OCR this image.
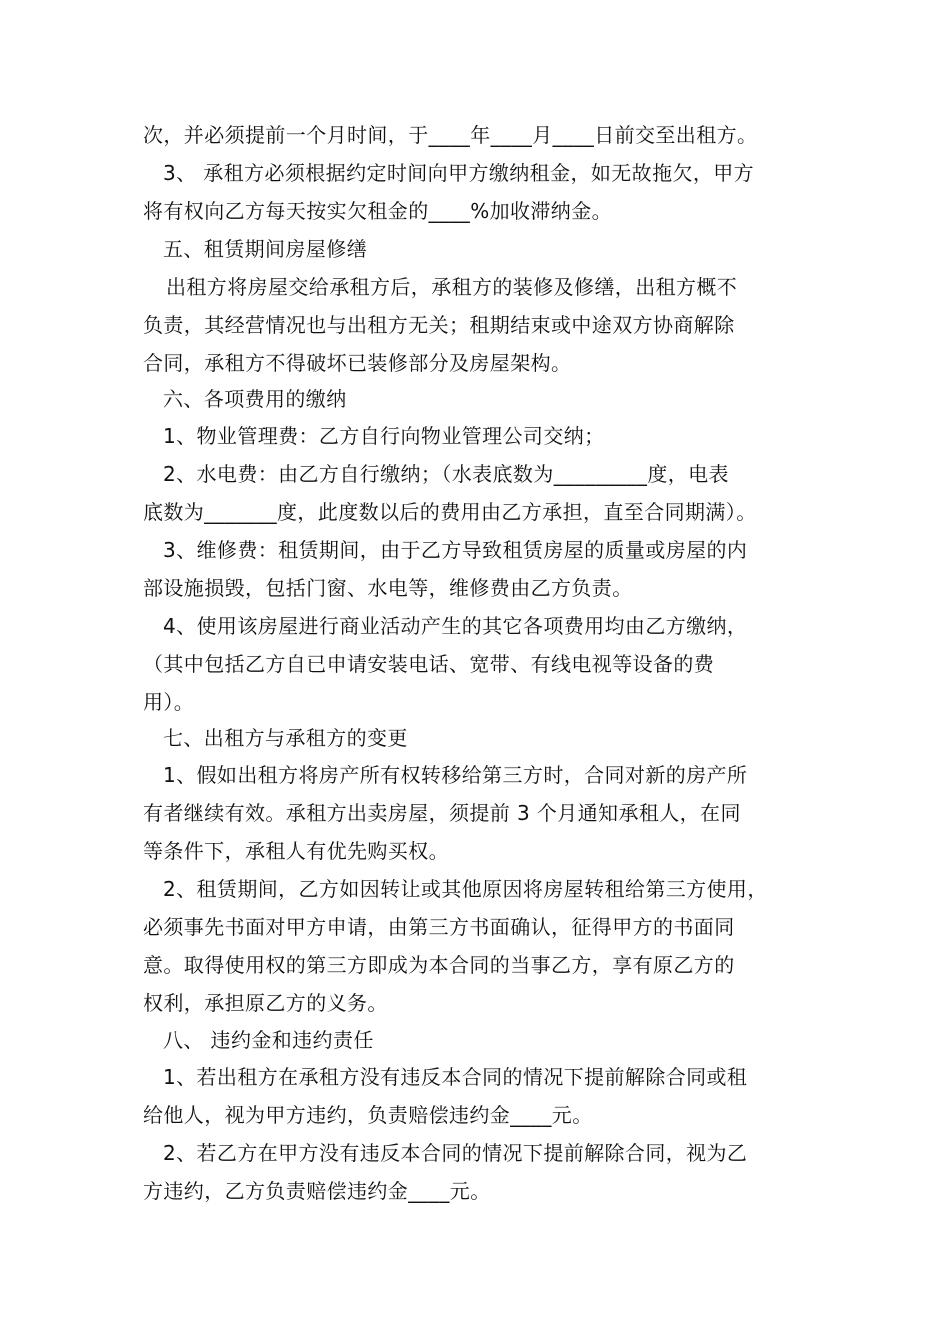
次，并必须提前一个月时间，于____年____月____日前交至出租方。
3、 承租方必须根据约定时间向甲方缴纳租金，如无故拖欠，甲方
将有权向乙方每天按实欠租金的____%加收滞纳金。
五、租赁期间房屋修缮
出租方将房屋交给承租方后，承租方的装修及修缮，出租方概不
负责，其经营情况也与出租方无关；租期结束或中途双方协商解除
合同，承租方不得破坏已装修部分及房屋架构。
六、各项费用的缴纳
1、物业管理费：乙方自行向物业管理公司交纳；
2、水电费：由乙方自行缴纳；（水表底数为_________度，电表
底数为_______度，此度数以后的费用由乙方承担，直至合同期满）。
3、维修费：租赁期间，由于乙方导致租赁房屋的质量或房屋的内
部设施损毁，包括门窗、水电等，维修费由乙方负责。
4、使用该房屋进行商业活动产生的其它各项费用均由乙方缴纳，
（其中包括乙方自已申请安装电话、宽带、有线电视等设备的费
用）。
七、出租方与承租方的变更
1、假如出租方将房产所有权转移给第三方时，合同对新的房产所
有者继续有效。承租方出卖房屋，须提前 3 个月通知承租人，在同
等条件下，承租人有优先购买权。
2、租赁期间，乙方如因转让或其他原因将房屋转租给第三方使用，
必须事先书面对甲方申请，由第三方书面确认，征得甲方的书面同
意。取得使用权的第三方即成为本合同的当事乙方，享有原乙方的
权利，承担原乙方的义务。
八、 违约金和违约责任
1、若出租方在承租方没有违反本合同的情况下提前解除合同或租
给他人，视为甲方违约，负责赔偿违约金____元。
2、若乙方在甲方没有违反本合同的情况下提前解除合同，视为乙
方违约，乙方负责赔偿违约金____元。
